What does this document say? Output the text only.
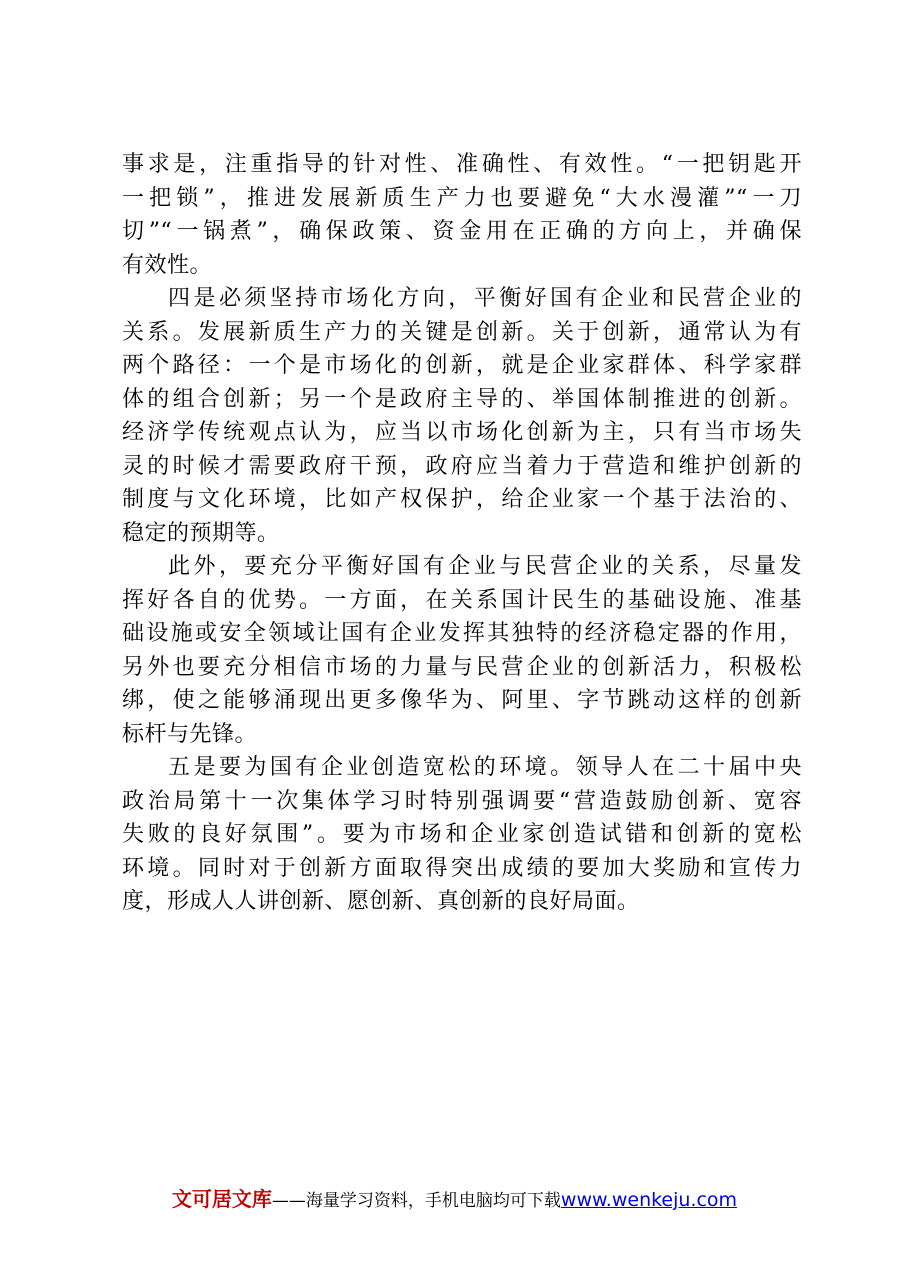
事求是，注重指导的针对性、准确性、有效性。“一把钥匙开
一把锁”，推进发展新质生产力也要避免“大水漫灌”“一刀
切”“一锅煮”，确保政策、资金用在正确的方向上，并确保
有效性。
四是必须坚持市场化方向，平衡好国有企业和民营企业的
关系。发展新质生产力的关键是创新。关于创新，通常认为有
两个路径：一个是市场化的创新，就是企业家群体、科学家群
体的组合创新；另一个是政府主导的、举国体制推进的创新。
经济学传统观点认为，应当以市场化创新为主，只有当市场失
灵的时候才需要政府干预，政府应当着力于营造和维护创新的
制度与文化环境，比如产权保护，给企业家一个基于法治的、
稳定的预期等。
此外，要充分平衡好国有企业与民营企业的关系，尽量发
挥好各自的优势。一方面，在关系国计民生的基础设施、准基
础设施或安全领域让国有企业发挥其独特的经济稳定器的作用，
另外也要充分相信市场的力量与民营企业的创新活力，积极松
绑，使之能够涌现出更多像华为、阿里、字节跳动这样的创新
标杆与先锋。
五是要为国有企业创造宽松的环境。领导人在二十届中央
政治局第十一次集体学习时特别强调要“营造鼓励创新、宽容
失败的良好氛围”。要为市场和企业家创造试错和创新的宽松
环境。同时对于创新方面取得突出成绩的要加大奖励和宣传力
度，形成人人讲创新、愿创新、真创新的良好局面。
文可居文库——海量学习资料，手机电脑均可下载www.wenkeju.com
